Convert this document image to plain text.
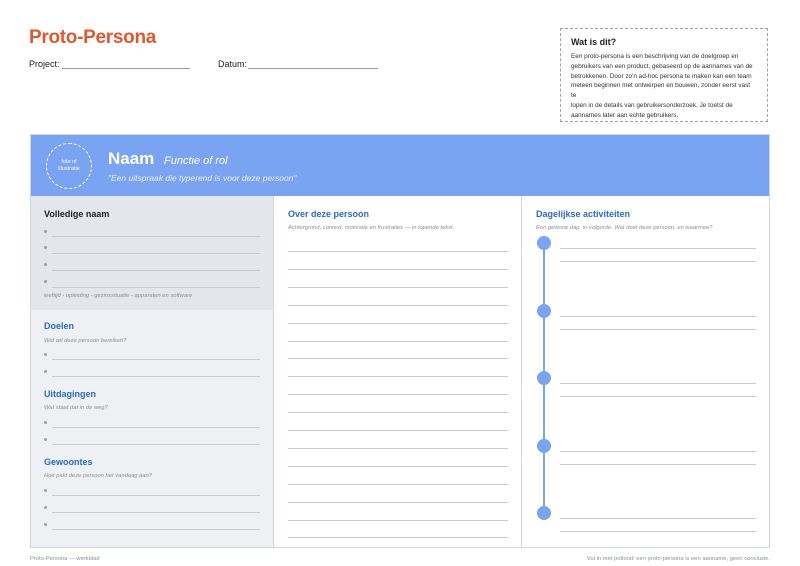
Proto-Persona
Project:	Datum:
Wat is dit?
Een proto-persona is een beschrijving van de doelgroep en
gebruikers van een product, gebaseerd op de aannames van de
betrokkenen. Door zo'n ad-hoc persona te maken kan een team
meteen beginnen met ontwerpen en bouwen, zonder eerst vast te
lopen in de details van gebruikersonderzoek. Je toetst de
aannames later aan echte gebruikers.
foto of illustratie
Naam Functie of rol
"Een uitspraak die typerend is voor deze persoon"
Volledige naam
leeftijd - opleiding - gezinssituatie - apparaten en software
Doelen
Wat wil deze persoon bereiken?
Uitdagingen
Wat staat dat in de weg?
Gewoontes
Hoe pakt deze persoon het vandaag aan?
Over deze persoon
Achtergrond, context, motivatie en frustraties — in lopende tekst.
Dagelijkse activiteiten
Een gewone dag, in volgorde. Wat doet deze persoon, en waarmee?
Proto-Persona — werkblad	Vul in met potlood: een proto-persona is een aanname, geen conclusie.
